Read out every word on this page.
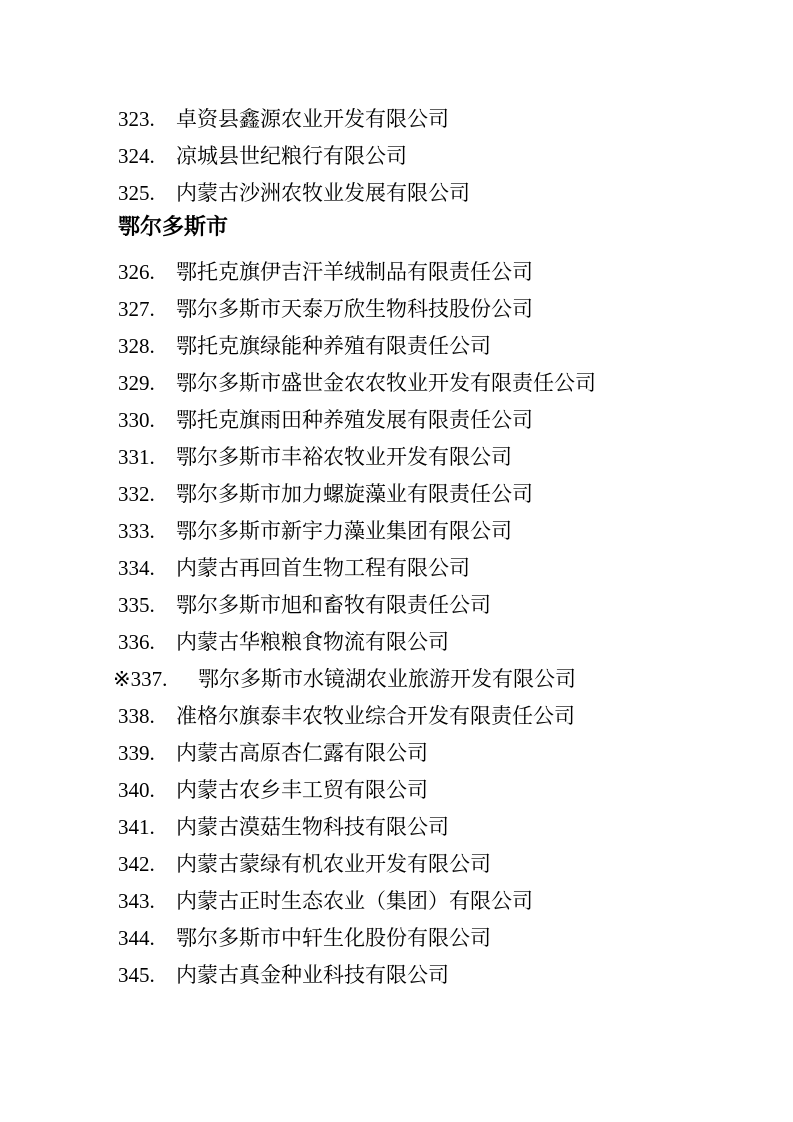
323. 卓资县鑫源农业开发有限公司
324. 凉城县世纪粮行有限公司
325. 内蒙古沙洲农牧业发展有限公司
鄂尔多斯市
326. 鄂托克旗伊吉汗羊绒制品有限责任公司
327. 鄂尔多斯市天泰万欣生物科技股份公司
328. 鄂托克旗绿能种养殖有限责任公司
329. 鄂尔多斯市盛世金农农牧业开发有限责任公司
330. 鄂托克旗雨田种养殖发展有限责任公司
331. 鄂尔多斯市丰裕农牧业开发有限公司
332. 鄂尔多斯市加力螺旋藻业有限责任公司
333. 鄂尔多斯市新宇力藻业集团有限公司
334. 内蒙古再回首生物工程有限公司
335. 鄂尔多斯市旭和畜牧有限责任公司
336. 内蒙古华粮粮食物流有限公司
※337. 鄂尔多斯市水镜湖农业旅游开发有限公司
338. 准格尔旗泰丰农牧业综合开发有限责任公司
339. 内蒙古高原杏仁露有限公司
340. 内蒙古农乡丰工贸有限公司
341. 内蒙古漠菇生物科技有限公司
342. 内蒙古蒙绿有机农业开发有限公司
343. 内蒙古正时生态农业（集团）有限公司
344. 鄂尔多斯市中轩生化股份有限公司
345. 内蒙古真金种业科技有限公司
